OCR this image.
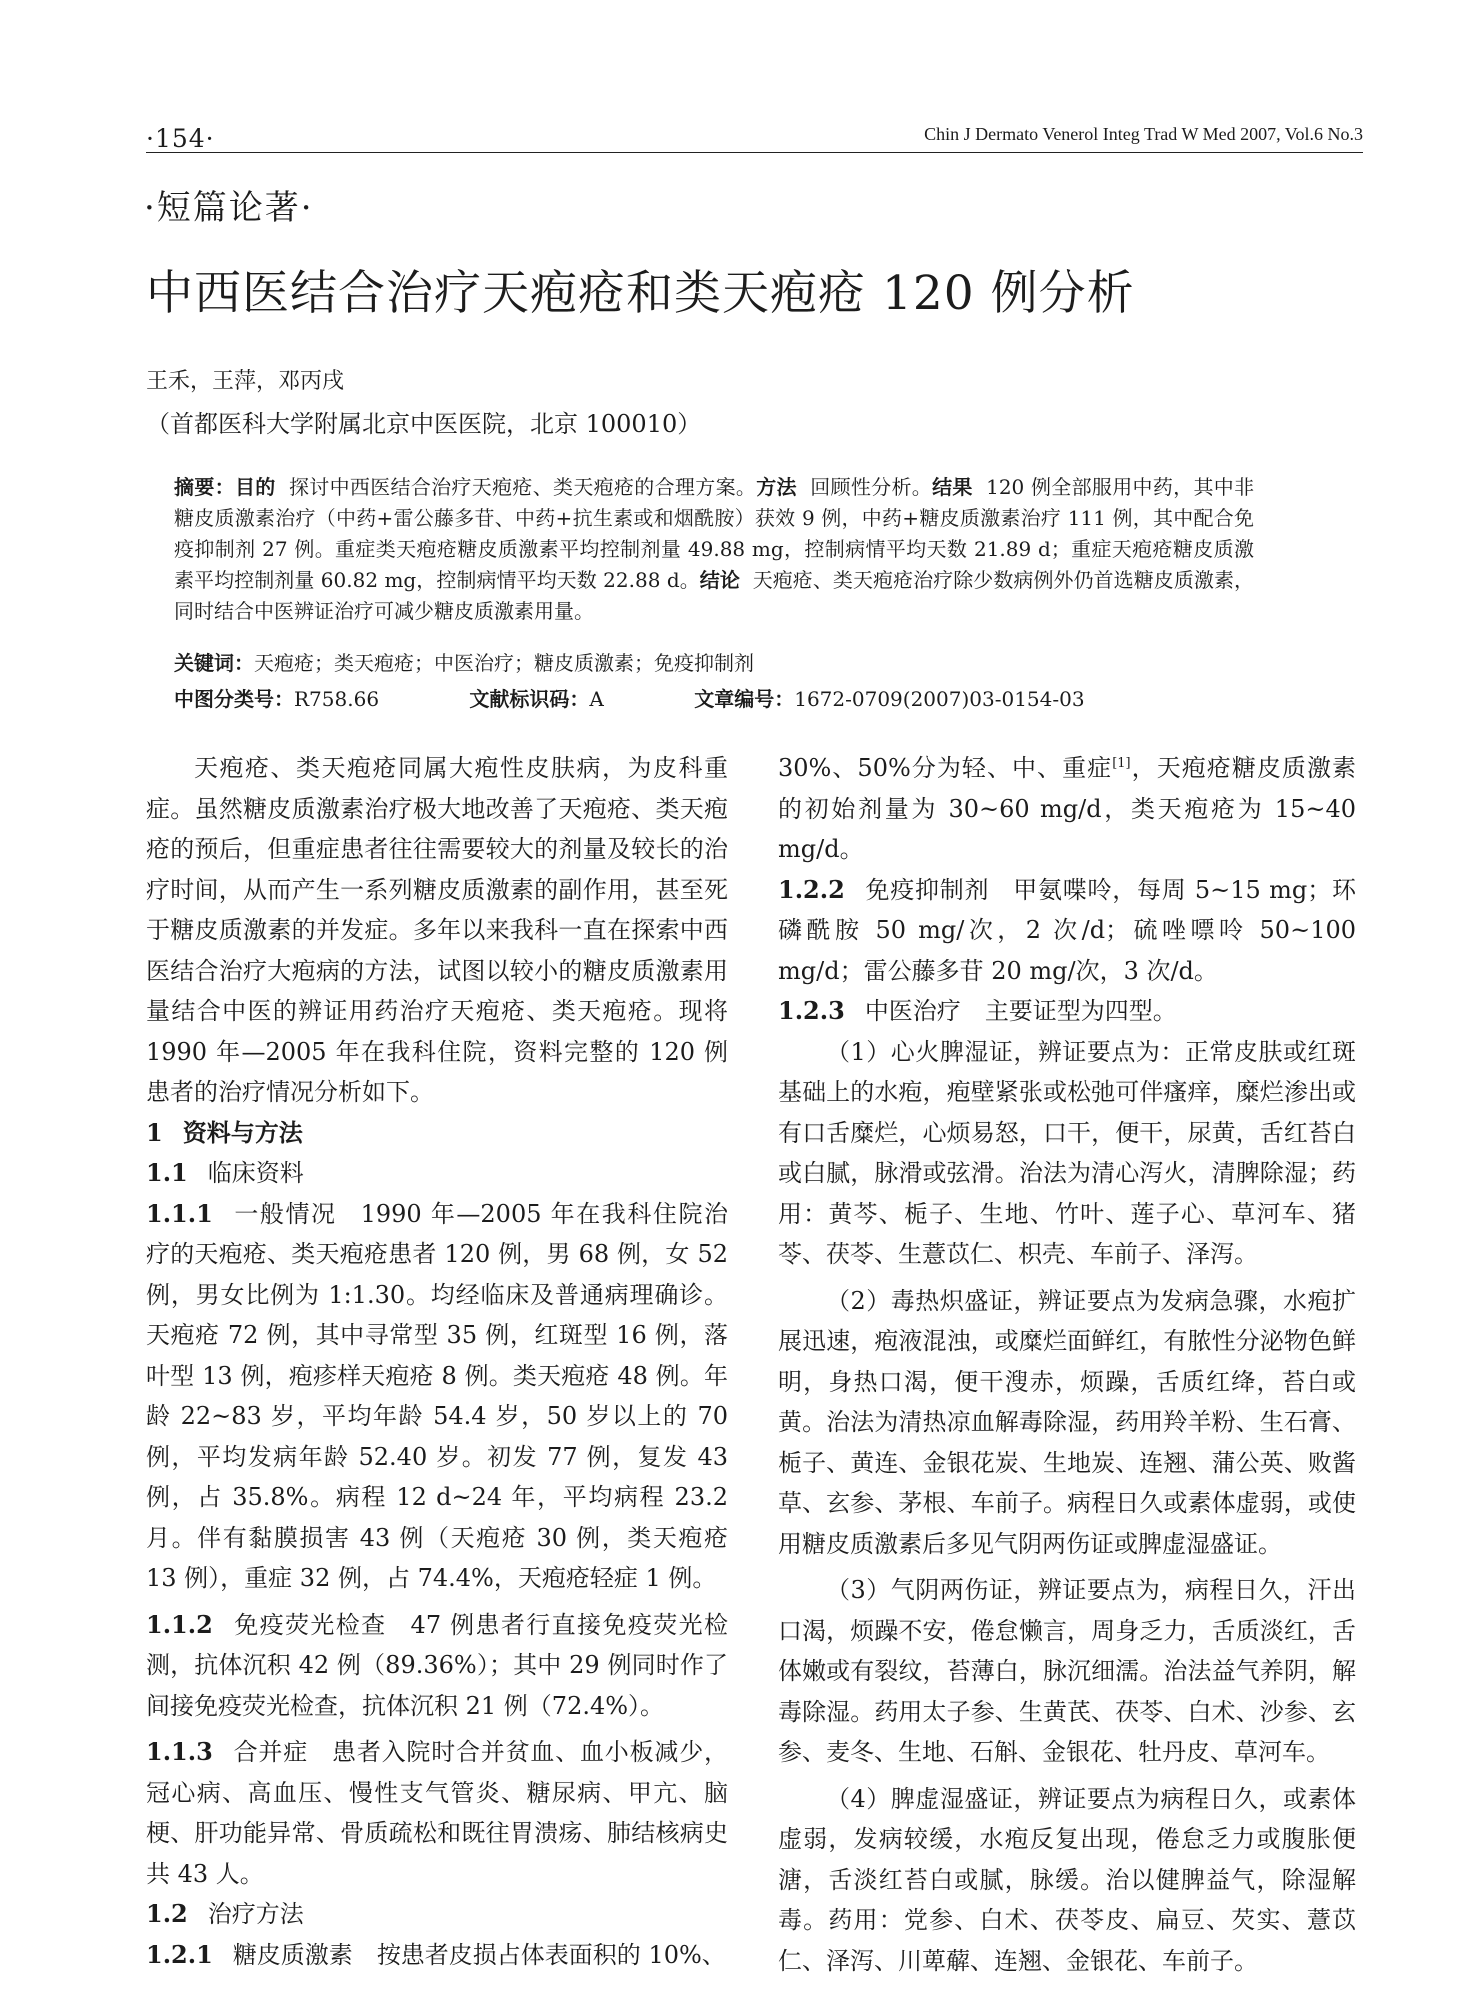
·154·	Chin J Dermato Venerol Integ Trad W Med 2007, Vol.6 No.3
·短篇论著·
中西医结合治疗天疱疮和类天疱疮 120 例分析
王禾，王萍，邓丙戌
（首都医科大学附属北京中医医院，北京 100010）

摘要：目的 探讨中西医结合治疗天疱疮、类天疱疮的合理方案。方法 回顾性分析。结果 120 例全部服用中药，其中非糖皮质激素治疗（中药+雷公藤多苷、中药+抗生素或和烟酰胺）获效 9 例，中药+糖皮质激素治疗 111 例，其中配合免疫抑制剂 27 例。重症类天疱疮糖皮质激素平均控制剂量 49.88 mg，控制病情平均天数 21.89 d；重症天疱疮糖皮质激素平均控制剂量 60.82 mg，控制病情平均天数 22.88 d。结论 天疱疮、类天疱疮治疗除少数病例外仍首选糖皮质激素，同时结合中医辨证治疗可减少糖皮质激素用量。

关键词：天疱疮；类天疱疮；中医治疗；糖皮质激素；免疫抑制剂

中图分类号：R758.66	文献标识码：A	文章编号：1672-0709(2007)03-0154-03

天疱疮、类天疱疮同属大疱性皮肤病，为皮科重症。虽然糖皮质激素治疗极大地改善了天疱疮、类天疱疮的预后，但重症患者往往需要较大的剂量及较长的治疗时间，从而产生一系列糖皮质激素的副作用，甚至死于糖皮质激素的并发症。多年以来我科一直在探索中西医结合治疗大疱病的方法，试图以较小的糖皮质激素用量结合中医的辨证用药治疗天疱疮、类天疱疮。现将 1990 年—2005 年在我科住院，资料完整的 120 例患者的治疗情况分析如下。

1 资料与方法

1.1 临床资料

1.1.1 一般情况 1990 年—2005 年在我科住院治疗的天疱疮、类天疱疮患者 120 例，男 68 例，女 52 例，男女比例为 1:1.30。均经临床及普通病理确诊。天疱疮 72 例，其中寻常型 35 例，红斑型 16 例，落叶型 13 例，疱疹样天疱疮 8 例。类天疱疮 48 例。年龄 22~83 岁，平均年龄 54.4 岁，50 岁以上的 70 例，平均发病年龄 52.40 岁。初发 77 例，复发 43 例，占 35.8%。病程 12 d~24 年，平均病程 23.2 月。伴有黏膜损害 43 例（天疱疮 30 例，类天疱疮 13 例），重症 32 例，占 74.4%，天疱疮轻症 1 例。

1.1.2 免疫荧光检查 47 例患者行直接免疫荧光检测，抗体沉积 42 例（89.36%）；其中 29 例同时作了间接免疫荧光检查，抗体沉积 21 例（72.4%）。

1.1.3 合并症 患者入院时合并贫血、血小板减少，冠心病、高血压、慢性支气管炎、糖尿病、甲亢、脑梗、肝功能异常、骨质疏松和既往胃溃疡、肺结核病史共 43 人。

1.2 治疗方法

1.2.1 糖皮质激素 按患者皮损占体表面积的 10%、

30%、50%分为轻、中、重症[1]，天疱疮糖皮质激素的初始剂量为 30~60 mg/d，类天疱疮为 15~40 mg/d。

1.2.2 免疫抑制剂 甲氨喋呤，每周 5~15 mg；环磷酰胺 50 mg/次，2 次/d；硫唑嘌呤 50~100 mg/d；雷公藤多苷 20 mg/次，3 次/d。

1.2.3 中医治疗 主要证型为四型。

（1）心火脾湿证，辨证要点为：正常皮肤或红斑基础上的水疱，疱壁紧张或松弛可伴瘙痒，糜烂渗出或有口舌糜烂，心烦易怒，口干，便干，尿黄，舌红苔白或白腻，脉滑或弦滑。治法为清心泻火，清脾除湿；药用：黄芩、栀子、生地、竹叶、莲子心、草河车、猪苓、茯苓、生薏苡仁、枳壳、车前子、泽泻。

（2）毒热炽盛证，辨证要点为发病急骤，水疱扩展迅速，疱液混浊，或糜烂面鲜红，有脓性分泌物色鲜明，身热口渴，便干溲赤，烦躁，舌质红绛，苔白或黄。治法为清热凉血解毒除湿，药用羚羊粉、生石膏、栀子、黄连、金银花炭、生地炭、连翘、蒲公英、败酱草、玄参、茅根、车前子。病程日久或素体虚弱，或使用糖皮质激素后多见气阴两伤证或脾虚湿盛证。

（3）气阴两伤证，辨证要点为，病程日久，汗出口渴，烦躁不安，倦怠懒言，周身乏力，舌质淡红，舌体嫩或有裂纹，苔薄白，脉沉细濡。治法益气养阴，解毒除湿。药用太子参、生黄芪、茯苓、白术、沙参、玄参、麦冬、生地、石斛、金银花、牡丹皮、草河车。

（4）脾虚湿盛证，辨证要点为病程日久，或素体虚弱，发病较缓，水疱反复出现，倦怠乏力或腹胀便溏，舌淡红苔白或腻，脉缓。治以健脾益气，除湿解毒。药用：党参、白术、茯苓皮、扁豆、芡实、薏苡仁、泽泻、川萆薢、连翘、金银花、车前子。
